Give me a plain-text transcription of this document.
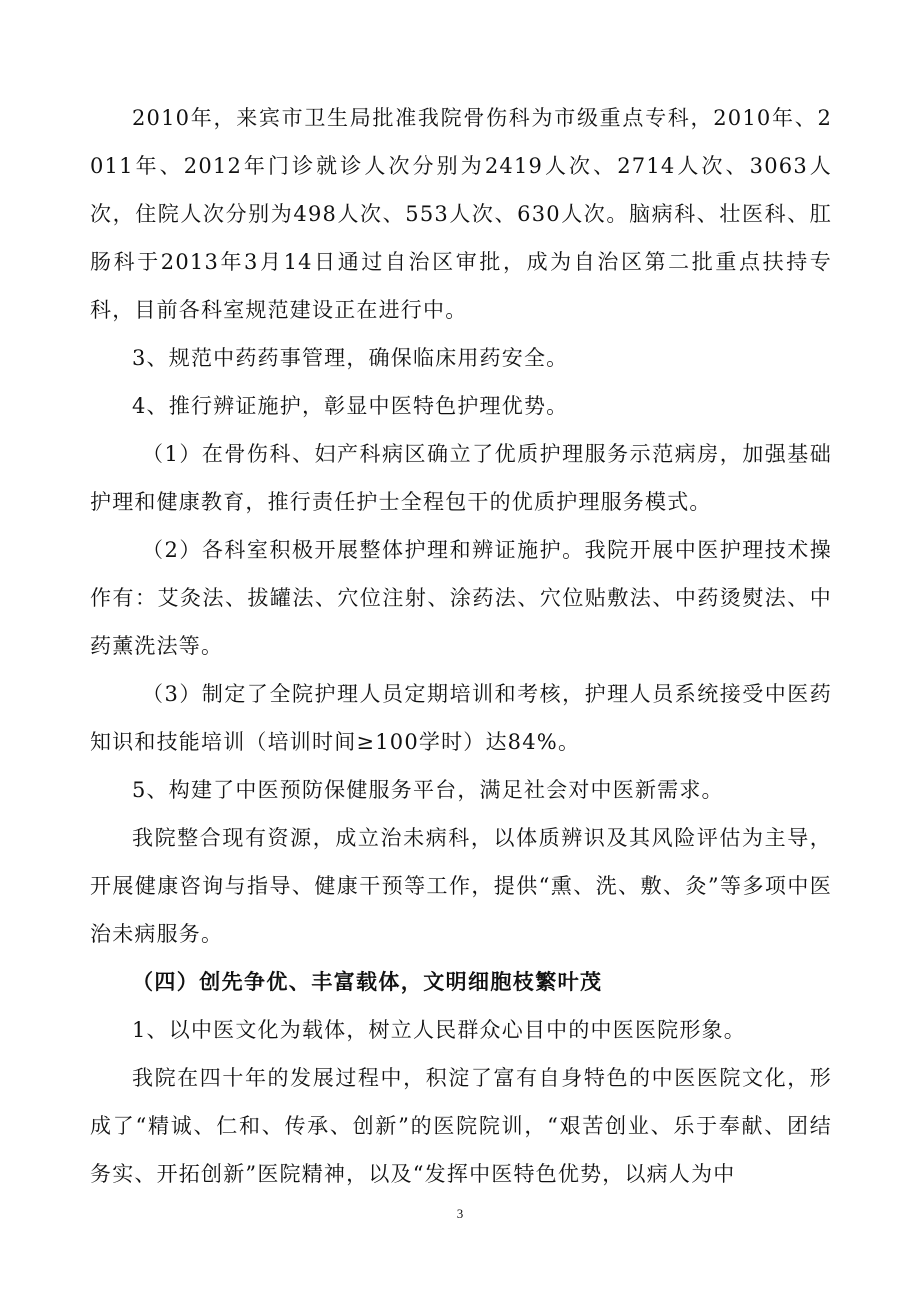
2010年，来宾市卫生局批准我院骨伤科为市级重点专科，2010年、2011年、2012年门诊就诊人次分别为2419人次、2714人次、3063人次，住院人次分别为498人次、553人次、630人次。脑病科、壮医科、肛肠科于2013年3月14日通过自治区审批，成为自治区第二批重点扶持专科，目前各科室规范建设正在进行中。

3、规范中药药事管理，确保临床用药安全。

4、推行辨证施护，彰显中医特色护理优势。

（1）在骨伤科、妇产科病区确立了优质护理服务示范病房，加强基础护理和健康教育，推行责任护士全程包干的优质护理服务模式。

（2）各科室积极开展整体护理和辨证施护。我院开展中医护理技术操作有：艾灸法、拔罐法、穴位注射、涂药法、穴位贴敷法、中药烫熨法、中药薰洗法等。

（3）制定了全院护理人员定期培训和考核，护理人员系统接受中医药知识和技能培训（培训时间≥100学时）达84%。

5、构建了中医预防保健服务平台，满足社会对中医新需求。

我院整合现有资源，成立治未病科，以体质辨识及其风险评估为主导，开展健康咨询与指导、健康干预等工作，提供“熏、洗、敷、灸”等多项中医治未病服务。

（四）创先争优、丰富载体，文明细胞枝繁叶茂

1、以中医文化为载体，树立人民群众心目中的中医医院形象。

我院在四十年的发展过程中，积淀了富有自身特色的中医医院文化，形成了“精诚、仁和、传承、创新”的医院院训，“艰苦创业、乐于奉献、团结务实、开拓创新”医院精神，以及“发挥中医特色优势，以病人为中

3
